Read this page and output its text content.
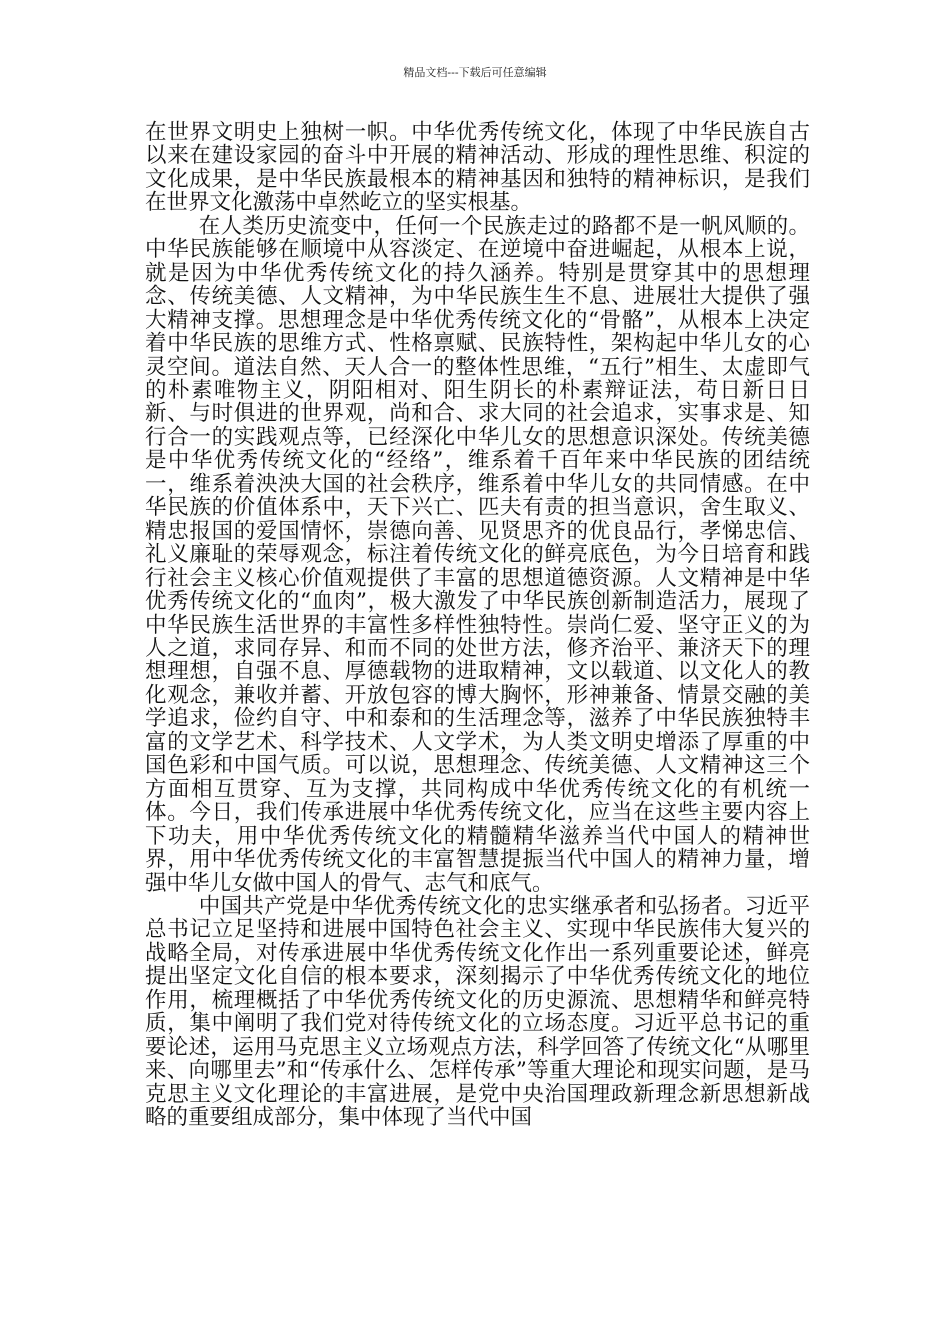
精品文档---下载后可任意编辑

在世界文明史上独树一帜。中华优秀传统文化，体现了中华民族自古以来在建设家园的奋斗中开展的精神活动、形成的理性思维、积淀的文化成果，是中华民族最根本的精神基因和独特的精神标识，是我们在世界文化激荡中卓然屹立的坚实根基。

在人类历史流变中，任何一个民族走过的路都不是一帆风顺的。中华民族能够在顺境中从容淡定、在逆境中奋进崛起，从根本上说，就是因为中华优秀传统文化的持久涵养。特别是贯穿其中的思想理念、传统美德、人文精神，为中华民族生生不息、进展壮大提供了强大精神支撑。思想理念是中华优秀传统文化的“骨骼”，从根本上决定着中华民族的思维方式、性格禀赋、民族特性，架构起中华儿女的心灵空间。道法自然、天人合一的整体性思维，“五行”相生、太虚即气的朴素唯物主义，阴阳相对、阳生阴长的朴素辩证法，苟日新日日新、与时俱进的世界观，尚和合、求大同的社会追求，实事求是、知行合一的实践观点等，已经深化中华儿女的思想意识深处。传统美德是中华优秀传统文化的“经络”，维系着千百年来中华民族的团结统一，维系着泱泱大国的社会秩序，维系着中华儿女的共同情感。在中华民族的价值体系中，天下兴亡、匹夫有责的担当意识，舍生取义、精忠报国的爱国情怀，崇德向善、见贤思齐的优良品行，孝悌忠信、礼义廉耻的荣辱观念，标注着传统文化的鲜亮底色，为今日培育和践行社会主义核心价值观提供了丰富的思想道德资源。人文精神是中华优秀传统文化的“血肉”，极大激发了中华民族创新制造活力，展现了中华民族生活世界的丰富性多样性独特性。崇尚仁爱、坚守正义的为人之道，求同存异、和而不同的处世方法，修齐治平、兼济天下的理想理想，自强不息、厚德载物的进取精神，文以载道、以文化人的教化观念，兼收并蓄、开放包容的博大胸怀，形神兼备、情景交融的美学追求，俭约自守、中和泰和的生活理念等，滋养了中华民族独特丰富的文学艺术、科学技术、人文学术，为人类文明史增添了厚重的中国色彩和中国气质。可以说，思想理念、传统美德、人文精神这三个方面相互贯穿、互为支撑，共同构成中华优秀传统文化的有机统一体。今日，我们传承进展中华优秀传统文化，应当在这些主要内容上下功夫，用中华优秀传统文化的精髓精华滋养当代中国人的精神世界，用中华优秀传统文化的丰富智慧提振当代中国人的精神力量，增强中华儿女做中国人的骨气、志气和底气。

中国共产党是中华优秀传统文化的忠实继承者和弘扬者。习近平总书记立足坚持和进展中国特色社会主义、实现中华民族伟大复兴的战略全局，对传承进展中华优秀传统文化作出一系列重要论述，鲜亮提出坚定文化自信的根本要求，深刻揭示了中华优秀传统文化的地位作用，梳理概括了中华优秀传统文化的历史源流、思想精华和鲜亮特质，集中阐明了我们党对待传统文化的立场态度。习近平总书记的重要论述，运用马克思主义立场观点方法，科学回答了传统文化“从哪里来、向哪里去”和“传承什么、怎样传承”等重大理论和现实问题，是马克思主义文化理论的丰富进展，是党中央治国理政新理念新思想新战略的重要组成部分，集中体现了当代中国
